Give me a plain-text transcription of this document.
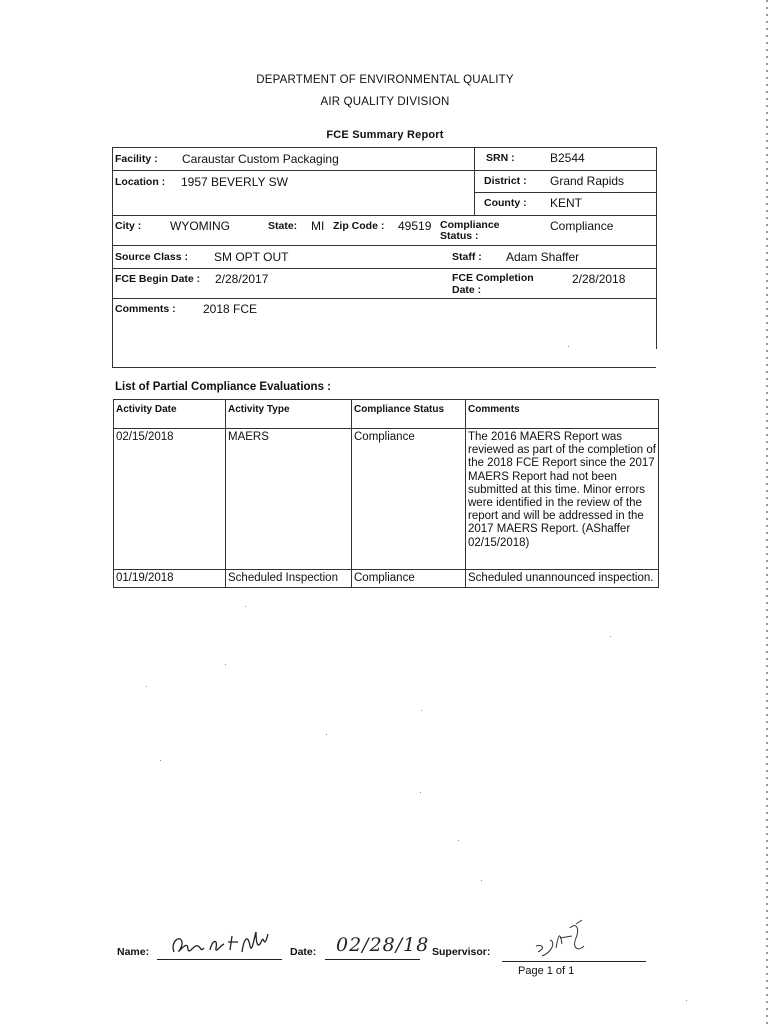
DEPARTMENT OF ENVIRONMENTAL QUALITY
AIR QUALITY DIVISION
FCE Summary Report
Facility : Caraustar Custom Packaging	SRN :	B2544
Location : 1957 BEVERLY SW	District : Grand Rapids
County : KENT
City : WYOMING	State: MI Zip Code : 49519 Compliance Status :
Compliance
Source Class : SM OPT OUT	Staff : Adam Shaffer
FCE Begin Date : 2/28/2017	FCE Completion Date :
2/28/2018
Comments : 2018 FCE
List of Partial Compliance Evaluations :
Activity Date	Activity Type	Compliance Status	Comments
02/15/2018	MAERS	Compliance	The 2016 MAERS Report was reviewed as part of the completion of the 2018 FCE Report since the 2017 MAERS Report had not been submitted at this time. Minor errors were identified in the review of the report and will be addressed in the 2017 MAERS Report. (AShaffer 02/15/2018)
01/19/2018	Scheduled Inspection	Compliance	Scheduled unannounced inspection.
Name:	Date: 02/28/18 Supervisor:
Page 1 of 1
